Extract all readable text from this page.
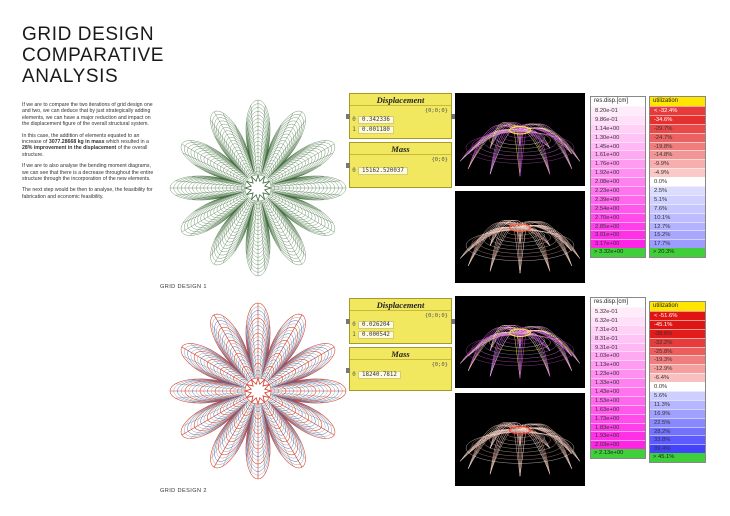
GRID DESIGN
COMPARATIVE
ANALYSIS

If we are to compare the two iterations of grid design one and two, we can deduce that by just strategically adding elements, we can have a major reduction and impact on the displacement figure of the overall structural system.

In this case, the addition of elements equated to an increase of 3077.28668 kg in mass which resulted in a 28% improvement in the displacement of the overall structure.

If we are to also analyse the bending moment diagrams, we can see that there is a decrease throughout the entire structure through the incorporation of the new elements.

The next step would be then to analyse, the feasibility for fabrication and economic feasibility.

GRID DESIGN 1
GRID DESIGN 2
Displacement
{0;0;0}
0 0.342336
1 0.001180
Mass
{0;0}
0 15162.520037
res.disp.[cm]
8.20e-01
9.86e-01
1.14e+00
1.30e+00
1.45e+00
1.61e+00
1.76e+00
1.92e+00
2.08e+00
2.23e+00
2.39e+00
2.54e+00
2.70e+00
2.85e+00
3.01e+00
3.17e+00
> 3.32e+00
utilization
< -32.4%
-34.6%
-29.7%
-24.7%
-19.8%
-14.8%
-9.9%
-4.9%
0.0%
2.5%
5.1%
7.6%
10.1%
12.7%
15.2%
17.7%
> 20.3%
Displacement
{0;0;0}
0 0.026204
1 0.000542
Mass
{0;0}
0 18240.7812
res.disp.[cm]
5.32e-01
6.32e-01
7.31e-01
8.31e-01
9.31e-01
1.03e+00
1.13e+00
1.23e+00
1.33e+00
1.43e+00
1.53e+00
1.63e+00
1.73e+00
1.83e+00
1.93e+00
2.03e+00
> 2.13e+00
utilization
< -51.6%
-45.1%
-38.6%
-32.2%
-25.8%
-19.3%
-12.9%
-6.4%
0.0%
5.6%
11.3%
16.9%
22.5%
28.2%
33.8%
39.4%
> 45.1%
